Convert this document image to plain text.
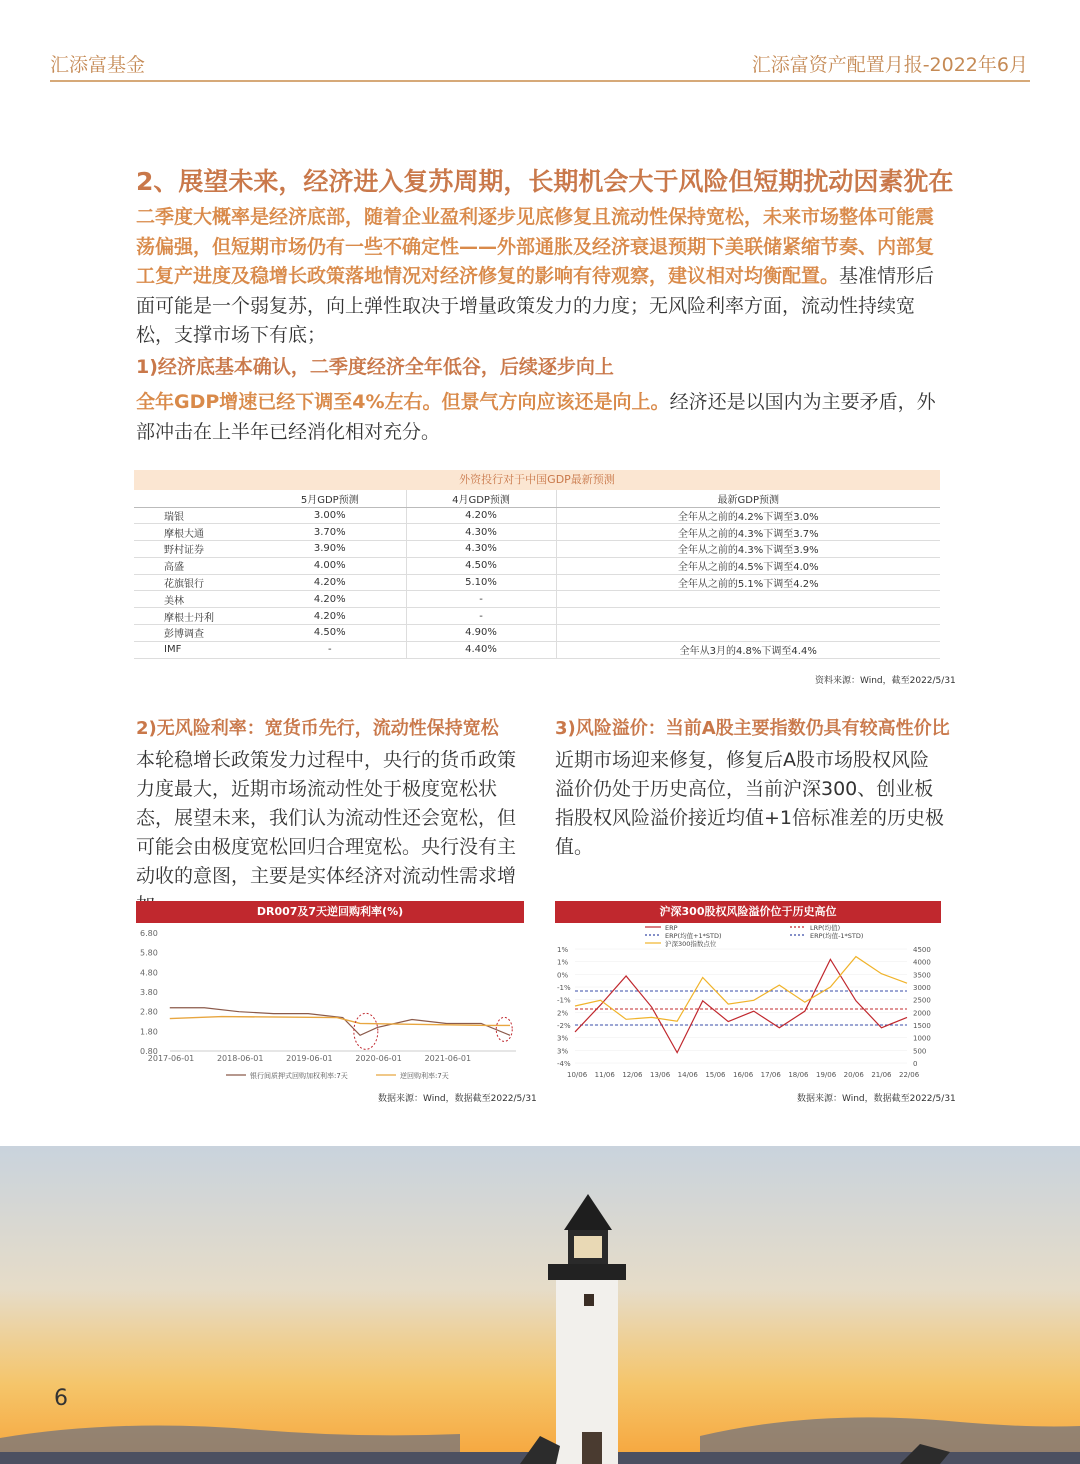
汇添富基金	汇添富资产配置月报-2022年6月
2、展望未来，经济进入复苏周期，长期机会大于风险但短期扰动因素犹在
二季度大概率是经济底部，随着企业盈利逐步见底修复且流动性保持宽松，未来市场整体可能震荡偏强，但短期市场仍有一些不确定性——外部通胀及经济衰退预期下美联储紧缩节奏、内部复工复产进度及稳增长政策落地情况对经济修复的影响有待观察，建议相对均衡配置。基准情形后面可能是一个弱复苏，向上弹性取决于增量政策发力的力度；无风险利率方面，流动性持续宽松，支撑市场下有底；
1)经济底基本确认，二季度经济全年低谷，后续逐步向上
全年GDP增速已经下调至4%左右。但景气方向应该还是向上。经济还是以国内为主要矛盾，外部冲击在上半年已经消化相对充分。
外资投行对于中国GDP最新预测
	5月GDP预测	4月GDP预测	最新GDP预测
瑞银	3.00%	4.20%	全年从之前的4.2%下调至3.0%
摩根大通	3.70%	4.30%	全年从之前的4.3%下调至3.7%
野村证券	3.90%	4.30%	全年从之前的4.3%下调至3.9%
高盛	4.00%	4.50%	全年从之前的4.5%下调至4.0%
花旗银行	4.20%	5.10%	全年从之前的5.1%下调至4.2%
美林	4.20%	-	
摩根士丹利	4.20%	-	
彭博调查	4.50%	4.90%	
IMF	-	4.40%	全年从3月的4.8%下调至4.4%
资料来源：Wind，截至2022/5/31
2)无风险利率：宽货币先行，流动性保持宽松
本轮稳增长政策发力过程中，央行的货币政策力度最大，近期市场流动性处于极度宽松状态，展望未来，我们认为流动性还会宽松，但可能会由极度宽松回归合理宽松。央行没有主动收的意图，主要是实体经济对流动性需求增
3)风险溢价：当前A股主要指数仍具有较高性价比
近期市场迎来修复，修复后A股市场股权风险溢价仍处于历史高位，当前沪深300、创业板指股权风险溢价接近均值+1倍标准差的历史极值。
DR007及7天逆回购利率(%)
6.80
5.80
4.80
3.80
2.80
1.80
0.80
2017-06-01	2018-06-01	2019-06-01	2020-06-01	2021-06-01
银行间质押式回购加权利率:7天	逆回购利率:7天
数据来源：Wind，数据截至2022/5/31
沪深300股权风险溢价位于历史高位
ERP	LRP(均值)
ERP(均值+1*STD)	ERP(均值-1*STD)
沪深300指数点位
1%
1%
0%
-1%
-1%
2%
-2%
3%
3%
-4%
4500
4000
3500
3000
2500
2000
1500
1000
500
0
10/06 11/06 12/06 13/06 14/06 15/06 16/06 17/06 18/06 19/06 20/06 21/06 22/06
数据来源：Wind，数据截至2022/5/31
6
